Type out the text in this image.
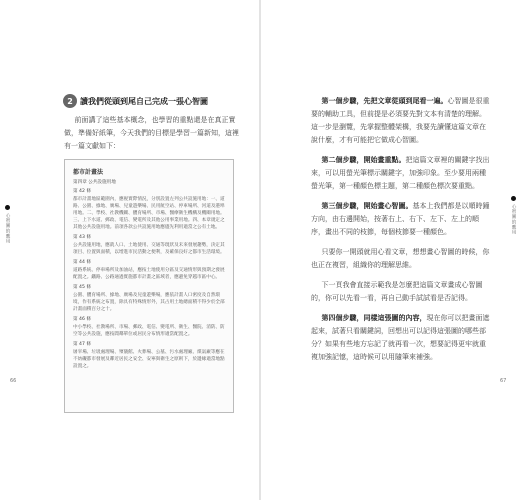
心智圖的應用
2 讀我們從頭到尾自己完成一張心智圖

前面講了這些基本概念，也學習的重點還是在真正實做，準備好紙筆，今天我們的目標是學習一篇新知，這裡有一篇文獻如下：

都市計畫法
第四章 公共設施用地
第 42 條
都市計畫地區範圍內，應視實際情況，分別設置左列公共設施用地：一、道路、公園、綠地、廣場、兒童遊樂場、民用航空站、停車場所、河道及港埠用地。二、學校、社教機關、體育場所、市場、醫療衛生機構及機關用地。三、上下水道、郵政、電信、變電所及其他公用事業用地。四、本章規定之其他公共設施用地。前項各款公共設施用地應儘先利用適當之公有土地。
第 43 條
公共設施用地，應就人口、土地使用、交通等現狀及未來發展趨勢，決定其項目、位置與面積，以增進市民活動之便利，及確保良好之都市生活環境。
第 44 條
道路系統、停車場所及加油站，應按土地使用分區及交通情形與預期之發展配置之。鐵路、公路通過實施都市計畫之區域者，應避免穿越市區中心。
第 45 條
公園、體育場所、綠地、廣場及兒童遊樂場，應依計畫人口密度及自然環境，作有系統之布置，除具有特殊情形外，其占用土地總面積不得少於全部計畫面積百分之十。
第 46 條
中小學校、社教場所、市場、郵政、電信、變電所、衛生、醫院、消防、防空等公共設施，應按閭鄰單位或居民分布情形適當配置之。
第 47 條
屠宰場、垃圾處理場、殯儀館、火葬場、公墓、污水處理廠、煤氣廠等應在不妨礙都市發展及鄰近居民之安全、安寧與衛生之原則下，於邊緣適當地點設置之。
66
心智圖的應用

第一個步驟，先把文章從頭到尾看一遍。心智圖是很重要的輔助工具，但前提是必須要先對文本有清楚的理解。這一步是瀏覽，先掌握整體架構，我要先讀懂這篇文章在說什麼，才有可能把它做成心智圖。

第二個步驟，開始畫重點。把這篇文章裡的關鍵字找出來，可以用螢光筆標示關鍵字，加強印象。至少要用兩種螢光筆，第一種顏色標主題，第二種顏色標次要重點。

第三個步驟，開始畫心智圖。基本上我們都是以順時鐘方向，由右邊開始，按著右上、右下、左下、左上的順序，畫出不同的枝節，每個枝節要一種顏色。

只要你一開頭就用心看文章，想想畫心智圖的時候，你也正在複習，組織你的理解思維。

下一頁我會直接示範我是怎麼把這篇文章畫成心智圖的，你可以先看一看，再自己動手試試看是否記得。

第四個步驟，同樣這張圖的內容，現在你可以把畫面遮起來，試著只看關鍵詞，回想出可以記得這張圖的哪些部分？如果有些地方忘記了就再看一次，想要記得更牢就重複加強記憶，這時候可以用隨筆來補強。

67
